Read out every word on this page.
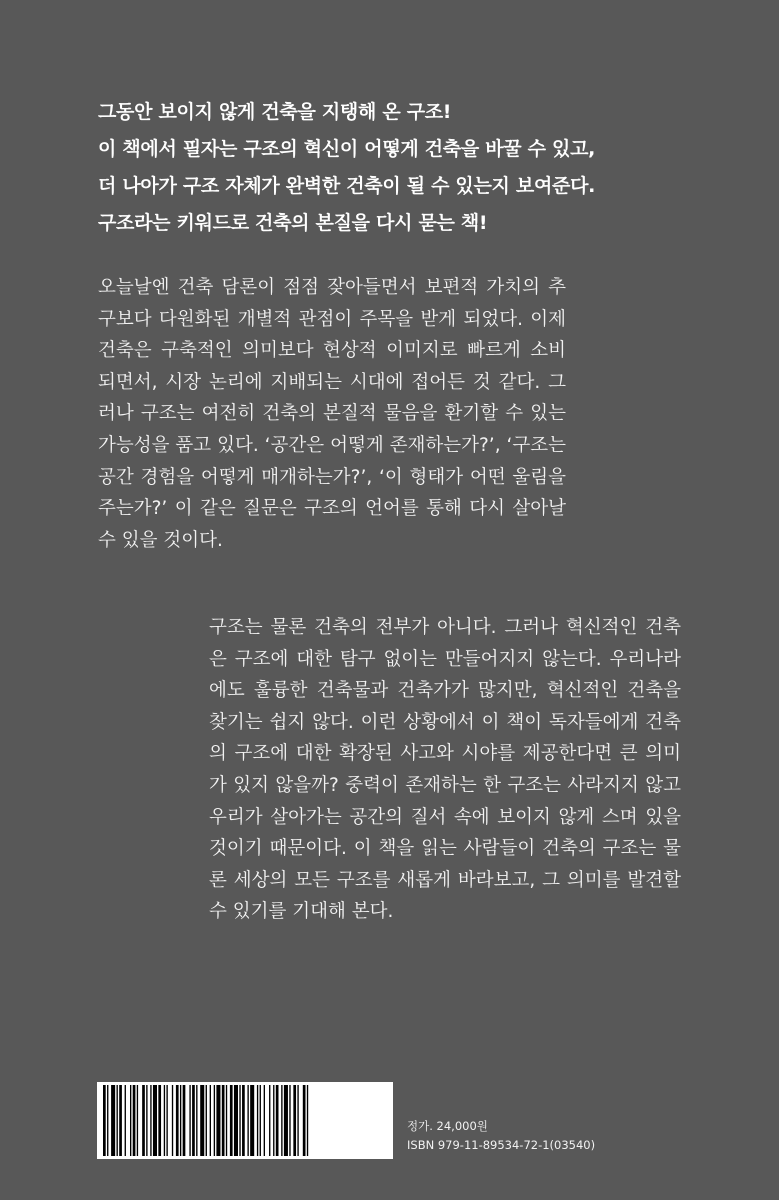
그동안 보이지 않게 건축을 지탱해 온 구조!
이 책에서 필자는 구조의 혁신이 어떻게 건축을 바꿀 수 있고,
더 나아가 구조 자체가 완벽한 건축이 될 수 있는지 보여준다.
구조라는 키워드로 건축의 본질을 다시 묻는 책!
오늘날엔 건축 담론이 점점 잦아들면서 보편적 가치의 추
구보다 다원화된 개별적 관점이 주목을 받게 되었다. 이제
건축은 구축적인 의미보다 현상적 이미지로 빠르게 소비
되면서, 시장 논리에 지배되는 시대에 접어든 것 같다. 그
러나 구조는 여전히 건축의 본질적 물음을 환기할 수 있는
가능성을 품고 있다. ‘공간은 어떻게 존재하는가?’, ‘구조는
공간 경험을 어떻게 매개하는가?’, ‘이 형태가 어떤 울림을
주는가?’ 이 같은 질문은 구조의 언어를 통해 다시 살아날
수 있을 것이다.
구조는 물론 건축의 전부가 아니다. 그러나 혁신적인 건축
은 구조에 대한 탐구 없이는 만들어지지 않는다. 우리나라
에도 훌륭한 건축물과 건축가가 많지만, 혁신적인 건축을
찾기는 쉽지 않다. 이런 상황에서 이 책이 독자들에게 건축
의 구조에 대한 확장된 사고와 시야를 제공한다면 큰 의미
가 있지 않을까? 중력이 존재하는 한 구조는 사라지지 않고
우리가 살아가는 공간의 질서 속에 보이지 않게 스며 있을
것이기 때문이다. 이 책을 읽는 사람들이 건축의 구조는 물
론 세상의 모든 구조를 새롭게 바라보고, 그 의미를 발견할
수 있기를 기대해 본다.
정가. 24,000원
ISBN 979-11-89534-72-1(03540)
